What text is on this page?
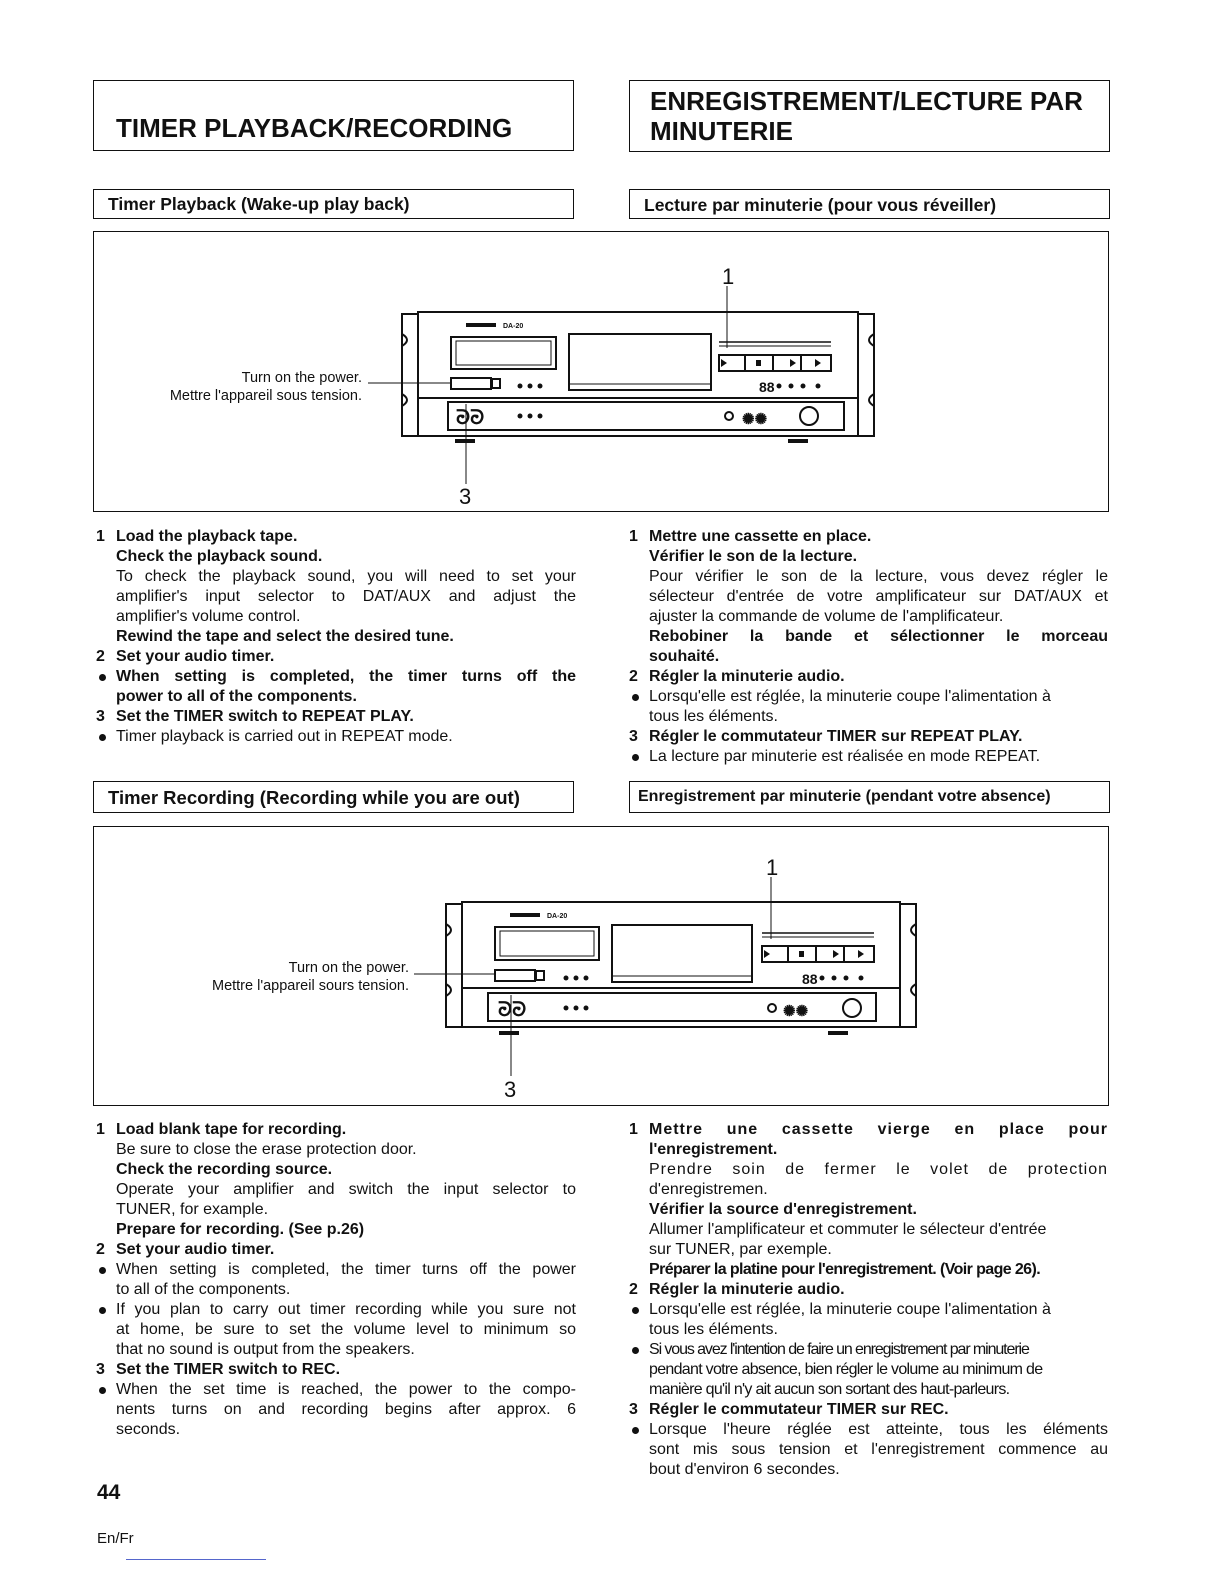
TIMER PLAYBACK/RECORDING
ENREGISTREMENT/LECTURE PAR
MINUTERIE
Timer Playback (Wake-up play back)	Lecture par minuterie (pour vous réveiller)
Turn on the power.
Mettre l'appareil sous tension.
1
3
DA-20
ᘒᘒ	✺✺
88
1 Load the playback tape.
Check the playback sound.
To check the playback sound, you will need to set your
amplifier's input selector to DAT/AUX and adjust the
amplifier's volume control.
Rewind the tape and select the desired tune.
2 Set your audio timer.
When setting is completed, the timer turns off the
power to all of the components.
3 Set the TIMER switch to REPEAT PLAY.
Timer playback is carried out in REPEAT mode.
1 Mettre une cassette en place.
Vérifier le son de la lecture.
Pour vérifier le son de la lecture, vous devez régler le
sélecteur d'entrée de votre amplificateur sur DAT/AUX et
ajuster la commande de volume de l'amplificateur.
Rebobiner la bande et sélectionner le morceau
souhaité.
2 Régler la minuterie audio.
Lorsqu'elle est réglée, la minuterie coupe l'alimentation à
tous les éléments.
3 Régler le commutateur TIMER sur REPEAT PLAY.
La lecture par minuterie est réalisée en mode REPEAT.
Timer Recording (Recording while you are out)	Enregistrement par minuterie (pendant votre absence)
Turn on the power.
Mettre l'appareil sours tension.
1
3
DA-20
ᘒᘒ	✺✺
88
1 Load blank tape for recording.
Be sure to close the erase protection door.
Check the recording source.
Operate your amplifier and switch the input selector to
TUNER, for example.
Prepare for recording. (See p.26)
2 Set your audio timer.
When setting is completed, the timer turns off the power
to all of the components.
If you plan to carry out timer recording while you sure not
at home, be sure to set the volume level to minimum so
that no sound is output from the speakers.
3 Set the TIMER switch to REC.
When the set time is reached, the power to the compo-
nents turns on and recording begins after approx. 6
seconds.
1 Mettre une cassette vierge en place pour
l'enregistrement.
Prendre soin de fermer le volet de protection
d'enregistremen.
Vérifier la source d'enregistrement.
Allumer l'amplificateur et commuter le sélecteur d'entrée
sur TUNER, par exemple.
Préparer la platine pour l'enregistrement. (Voir page 26).
2 Régler la minuterie audio.
Lorsqu'elle est réglée, la minuterie coupe l'alimentation à
tous les éléments.
Si vous avez l'intention de faire un enregistrement par minuterie
pendant votre absence, bien régler le volume au minimum de
manière qu'il n'y ait aucun son sortant des haut-parleurs.
3 Régler le commutateur TIMER sur REC.
Lorsque l'heure réglée est atteinte, tous les éléments
sont mis sous tension et l'enregistrement commence au
bout d'environ 6 secondes.
44
En/Fr
